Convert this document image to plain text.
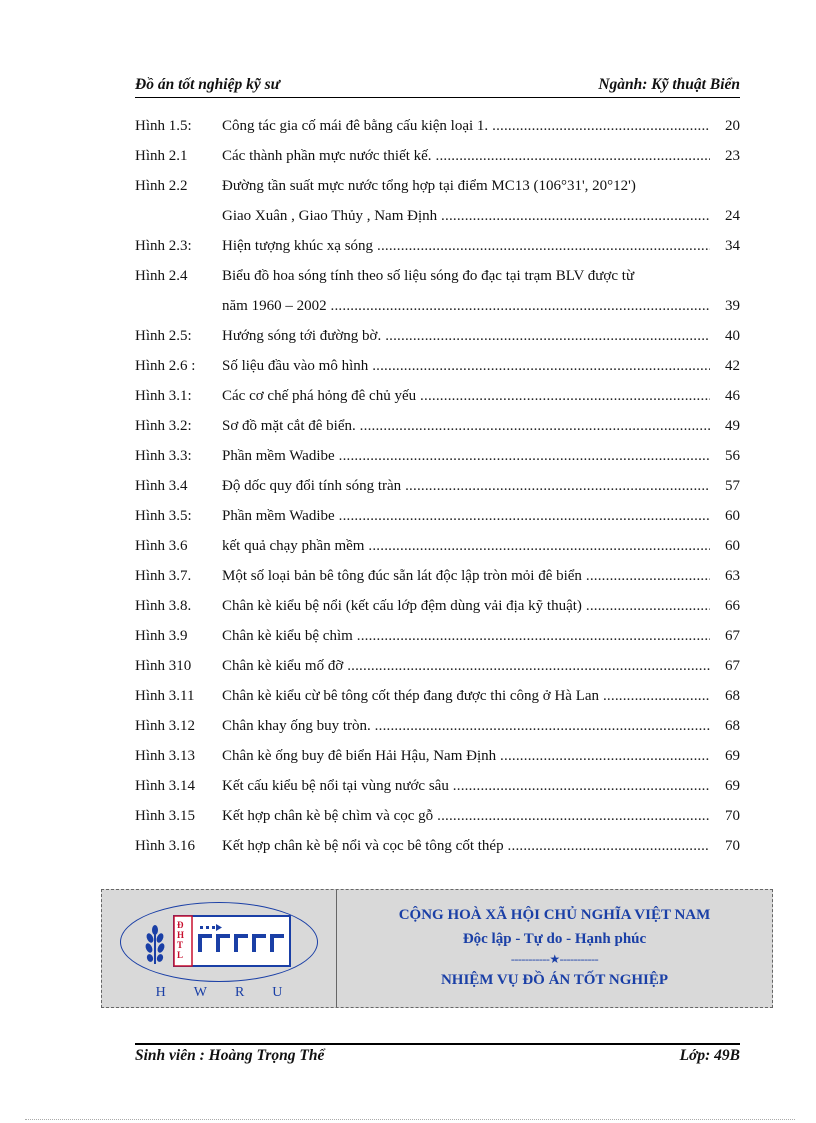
Đồ án tốt nghiệp kỹ sư	Ngành: Kỹ thuật Biển
Hình 1.5: Công tác gia cố mái đê bằng cấu kiện loại 1. .....	20
Hình 2.1 Các thành phần mực nước thiết kế. .....	23
Hình 2.2 Đường tần suất mực nước tổng hợp tại điểm MC13 (106°31', 20°12')
Giao Xuân , Giao Thủy , Nam Định .....	24
Hình 2.3: Hiện tượng khúc xạ sóng .....	34
Hình 2.4 Biểu đồ hoa sóng tính theo số liệu sóng đo đạc tại trạm BLV được từ
năm 1960 – 2002 .....	39
Hình 2.5: Hướng sóng tới đường bờ. .....	40
Hình 2.6 : Số liệu đầu vào mô hình .....	42
Hình 3.1: Các cơ chế phá hỏng đê chủ yếu .....	46
Hình 3.2: Sơ đồ mặt cắt đê biển. .....	49
Hình 3.3: Phần mềm Wadibe .....	56
Hình 3.4 Độ dốc quy đổi tính sóng tràn .....	57
Hình 3.5: Phần mềm Wadibe .....	60
Hình 3.6 kết quả chạy phần mềm .....	60
Hình 3.7. Một số loại bản bê tông đúc sẵn lát độc lập tròn mỏi đê biển .....	63
Hình 3.8. Chân kè kiểu bệ nổi (kết cấu lớp đệm dùng vải địa kỹ thuật) .....	66
Hình 3.9 Chân kè kiểu bệ chìm .....	67
Hình 310 Chân kè kiểu mố đỡ .....	67
Hình 3.11 Chân kè kiểu cừ bê tông cốt thép đang được thi công ở Hà Lan .....	68
Hình 3.12 Chân khay ống buy tròn. .....	68
Hình 3.13 Chân kè ống buy đê biển Hải Hậu, Nam Định .....	69
Hình 3.14 Kết cấu kiểu bệ nổi tại vùng nước sâu .....	69
Hình 3.15 Kết hợp chân kè bệ chìm và cọc gỗ .....	70
Hình 3.16 Kết hợp chân kè bệ nổi và cọc bê tông cốt thép .....	70
ĐHTL
H W R U
CỘNG HOÀ XÃ HỘI CHỦ NGHĨA VIỆT NAM
Độc lập - Tự do - Hạnh phúc
-----------★-----------
NHIỆM VỤ ĐỒ ÁN TỐT NGHIỆP
Sinh viên : Hoàng Trọng Thể	Lớp: 49B
